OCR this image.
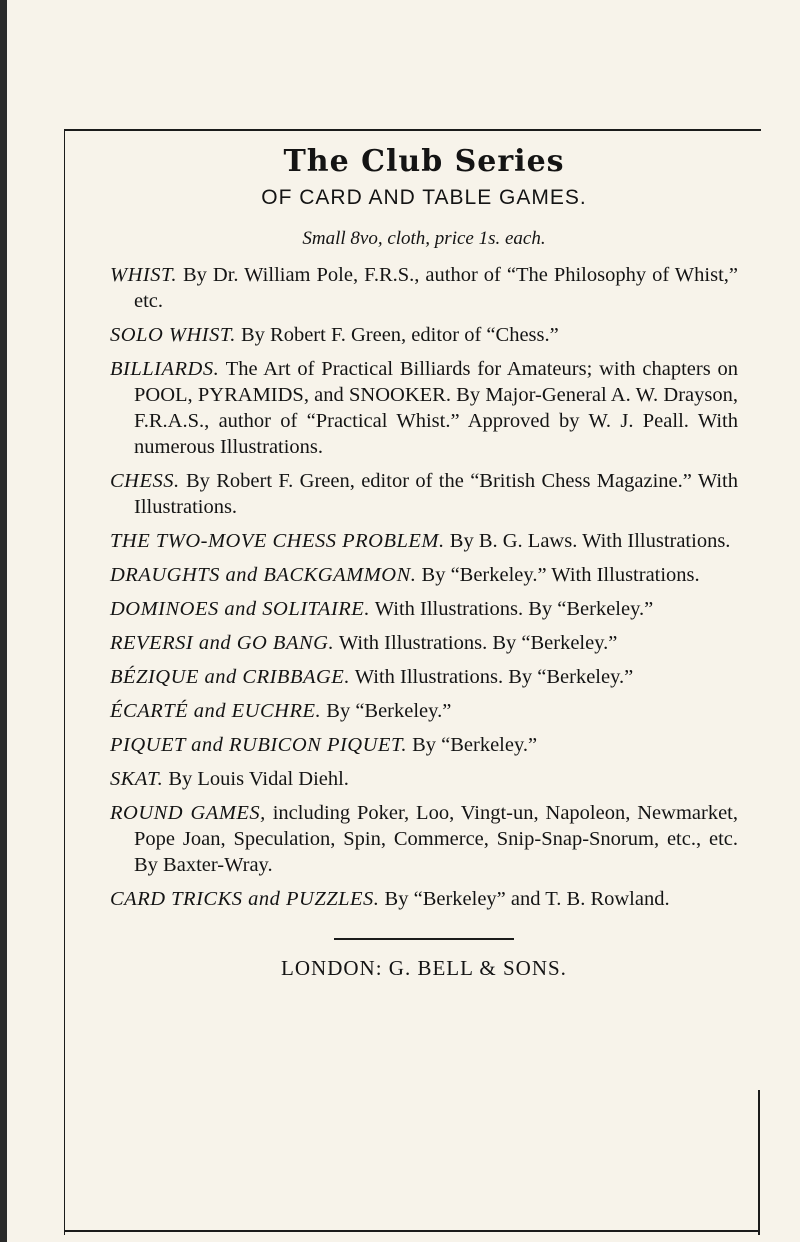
The Club Series
OF CARD AND TABLE GAMES.
Small 8vo, cloth, price 1s. each.

WHIST. By Dr. William Pole, F.R.S., author of “The Philosophy of Whist,” etc.

SOLO WHIST. By Robert F. Green, editor of “Chess.”

BILLIARDS. The Art of Practical Billiards for Amateurs; with chapters on POOL, PYRAMIDS, and SNOOKER. By Major-General A. W. Drayson, F.R.A.S., author of “Practical Whist.” Approved by W. J. Peall. With numerous Illustrations.

CHESS. By Robert F. Green, editor of the “British Chess Magazine.” With Illustrations.

THE TWO-MOVE CHESS PROBLEM. By B. G. Laws. With Illustrations.

DRAUGHTS and BACKGAMMON. By “Berkeley.” With Illustrations.

DOMINOES and SOLITAIRE. With Illustrations. By “Berkeley.”

REVERSI and GO BANG. With Illustrations. By “Berkeley.”

BÉZIQUE and CRIBBAGE. With Illustrations. By “Berkeley.”

ÉCARTÉ and EUCHRE. By “Berkeley.”

PIQUET and RUBICON PIQUET. By “Berkeley.”

SKAT. By Louis Vidal Diehl.

ROUND GAMES, including Poker, Loo, Vingt-un, Napoleon, Newmarket, Pope Joan, Speculation, Spin, Commerce, Snip-Snap-Snorum, etc., etc. By Baxter-Wray.

CARD TRICKS and PUZZLES. By “Berkeley” and T. B. Rowland.

LONDON: G. BELL & SONS.
